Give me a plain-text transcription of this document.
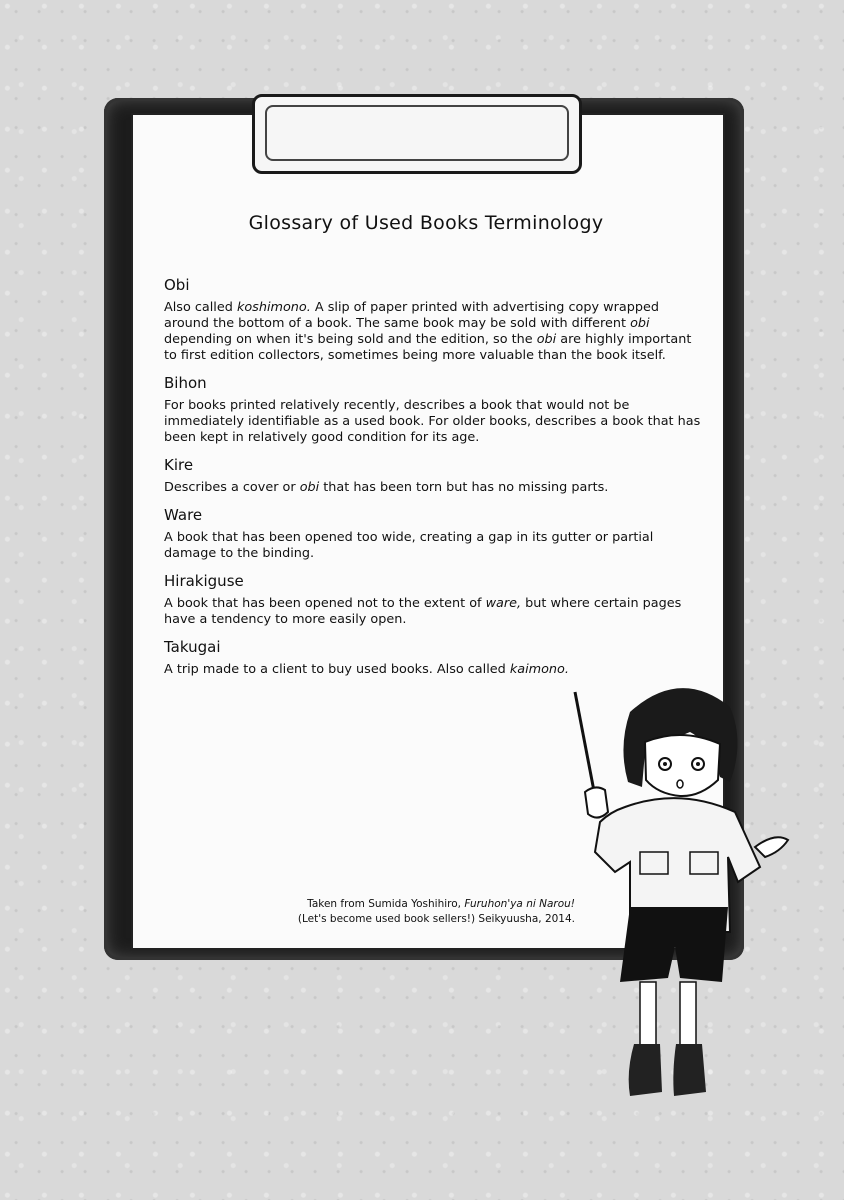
Glossary of Used Books Terminology

Obi

Also called koshimono. A slip of paper printed with advertising copy wrapped around the bottom of a book. The same book may be sold with different obi depending on when it's being sold and the edition, so the obi are highly important to first edition collectors, sometimes being more valuable than the book itself.

Bihon

For books printed relatively recently, describes a book that would not be immediately identifiable as a used book. For older books, describes a book that has been kept in relatively good condition for its age.

Kire

Describes a cover or obi that has been torn but has no missing parts.

Ware

A book that has been opened too wide, creating a gap in its gutter or partial damage to the binding.

Hirakiguse

A book that has been opened not to the extent of ware, but where certain pages have a tendency to more easily open.

Takugai

A trip made to a client to buy used books. Also called kaimono.

Taken from Sumida Yoshihiro, Furuhon'ya ni Narou!
(Let's become used book sellers!) Seikyuusha, 2014.
